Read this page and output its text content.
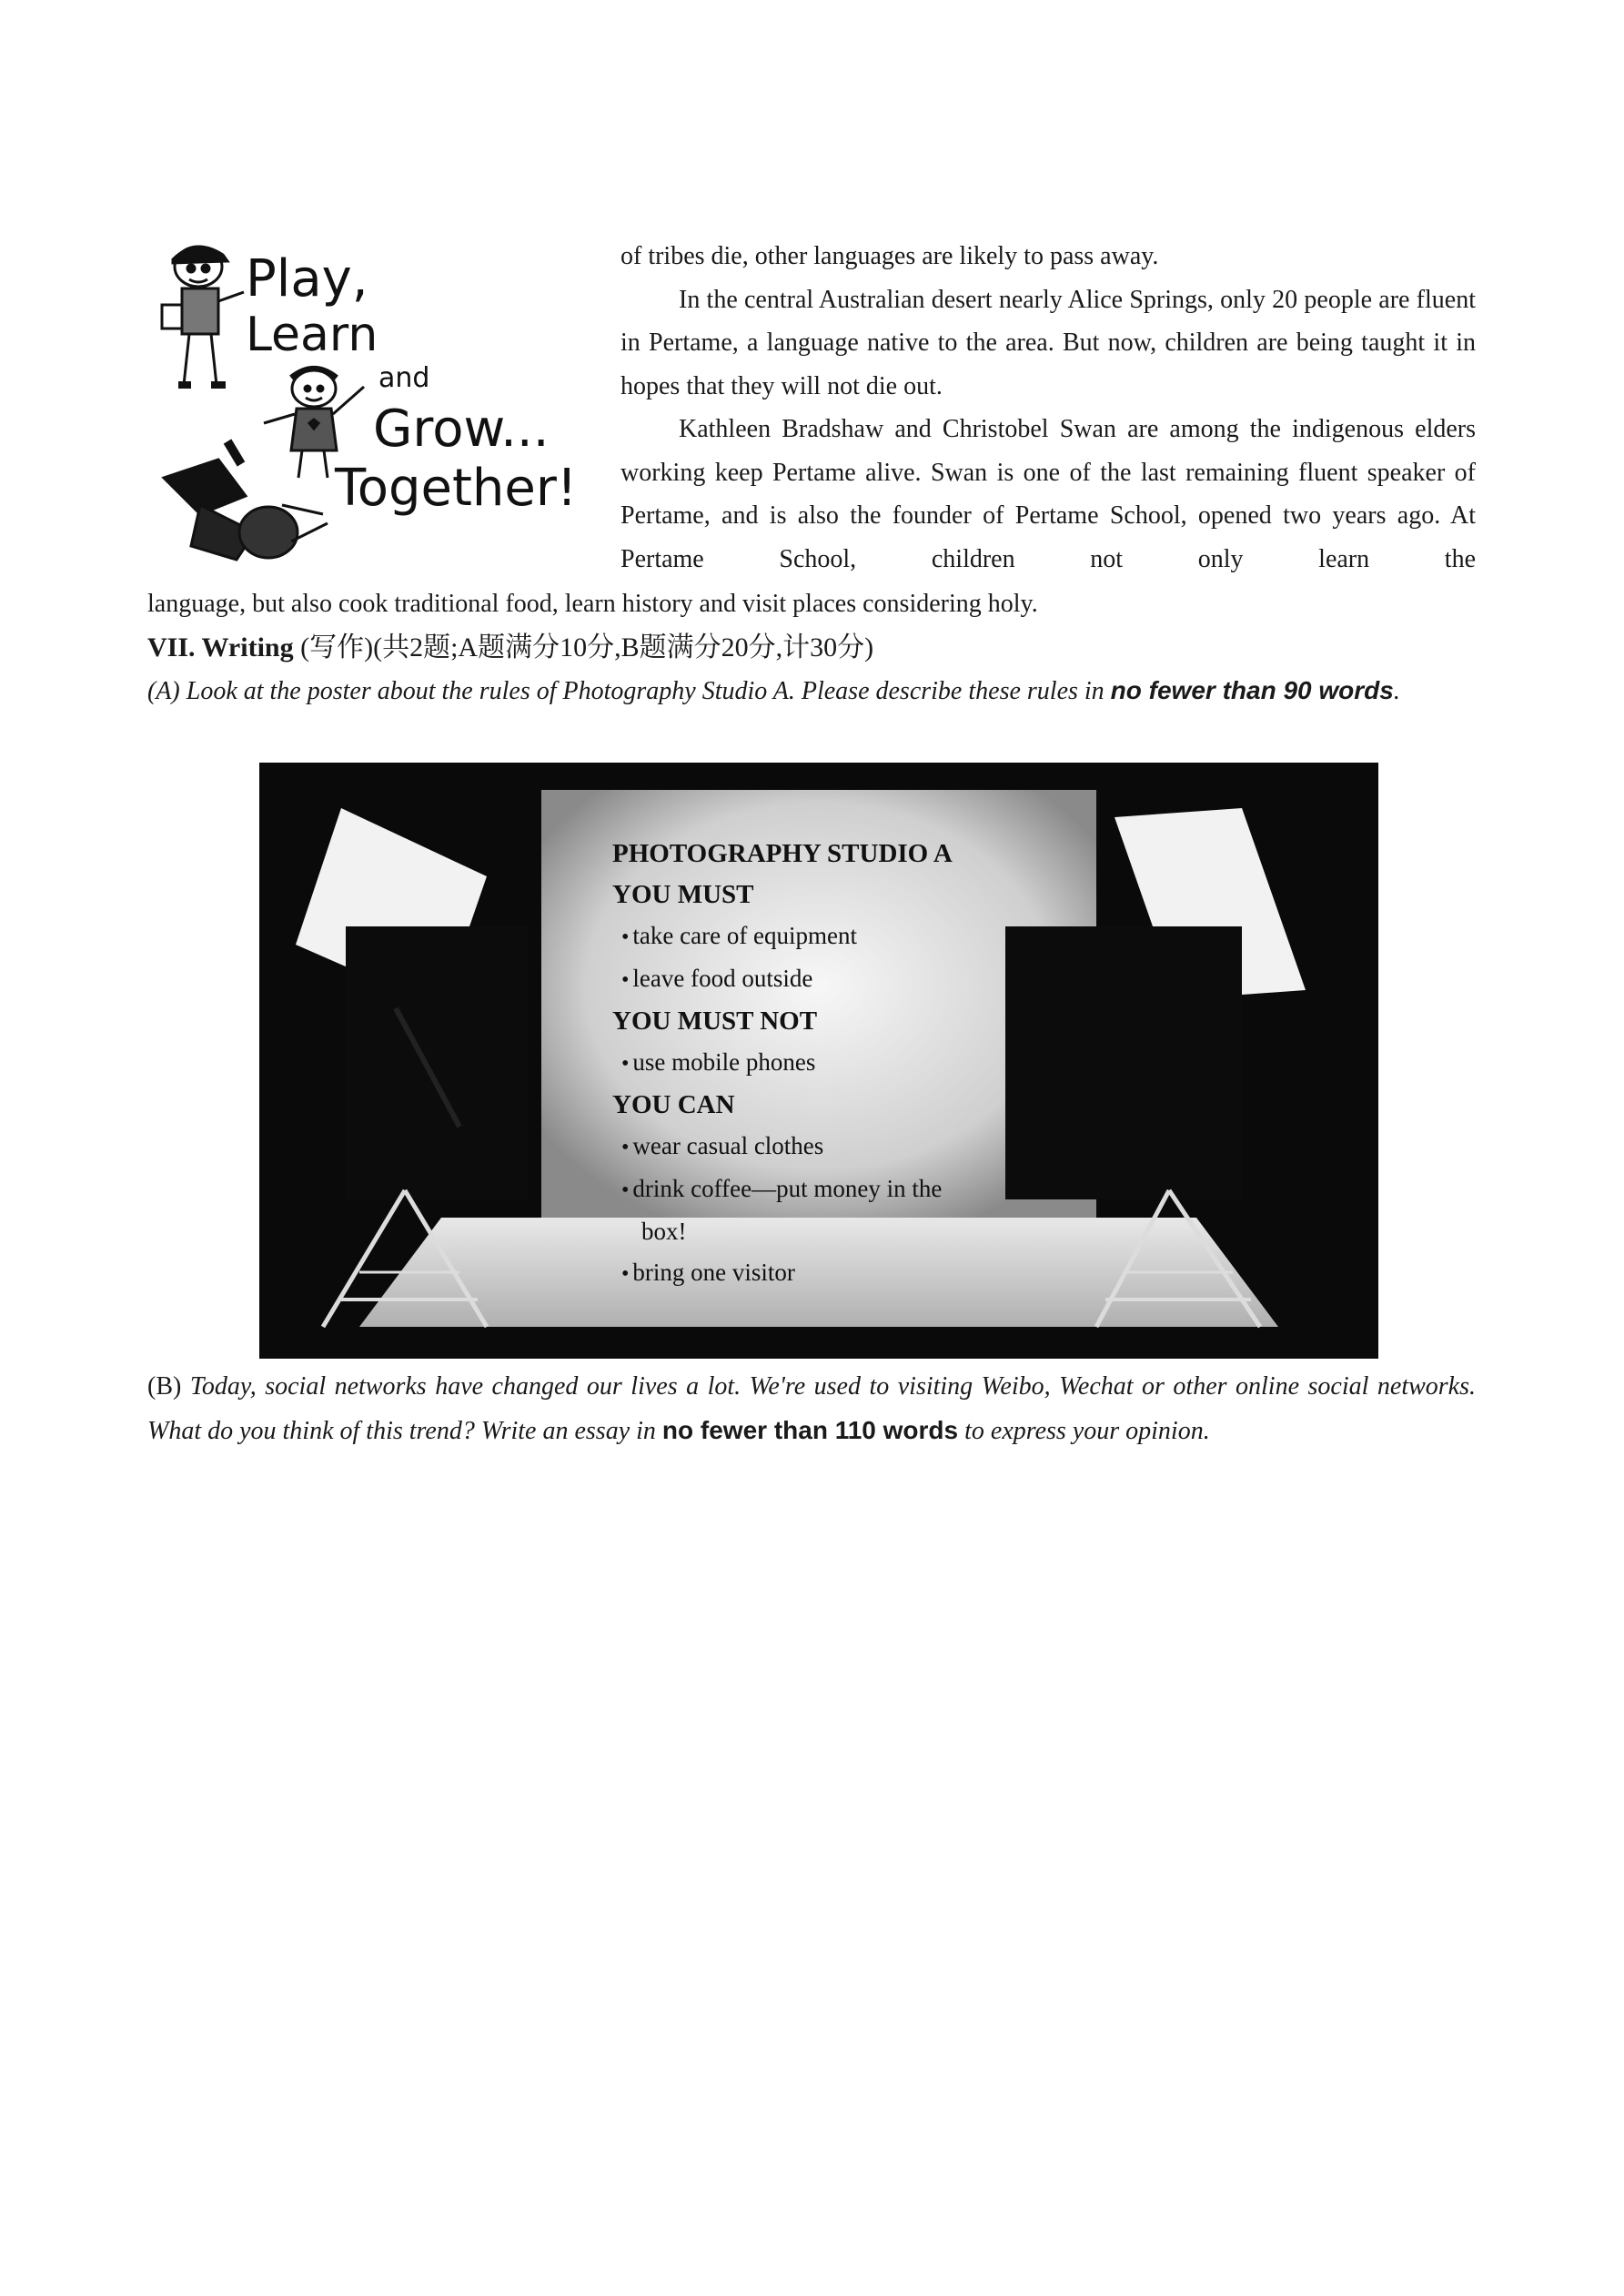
Play,
Learn
and
Grow...
Together!

of tribes die, other languages are likely to pass away.

In the central Australian desert nearly Alice Springs, only 20 people are fluent in Pertame, a language native to the area. But now, children are being taught it in hopes that they will not die out.

Kathleen Bradshaw and Christobel Swan are among the indigenous elders working keep Pertame alive. Swan is one of the last remaining fluent speaker of Pertame, and is also the founder of Pertame School, opened two years ago. At Pertame School, children not only learn the

language, but also cook traditional food, learn history and visit places considering holy.
VII. Writing (写作)(共2题;A题满分10分,B题满分20分,计30分)
(A) Look at the poster about the rules of Photography Studio A. Please describe these rules in no fewer than 90 words.
PHOTOGRAPHY STUDIO A
YOU MUST
• take care of equipment
• leave food outside
YOU MUST NOT
• use mobile phones
YOU CAN
• wear casual clothes
• drink coffee—put money in the
box!
• bring one visitor
(B) Today, social networks have changed our lives a lot. We're used to visiting Weibo, Wechat or other online social networks. What do you think of this trend? Write an essay in no fewer than 110 words to express your opinion.
